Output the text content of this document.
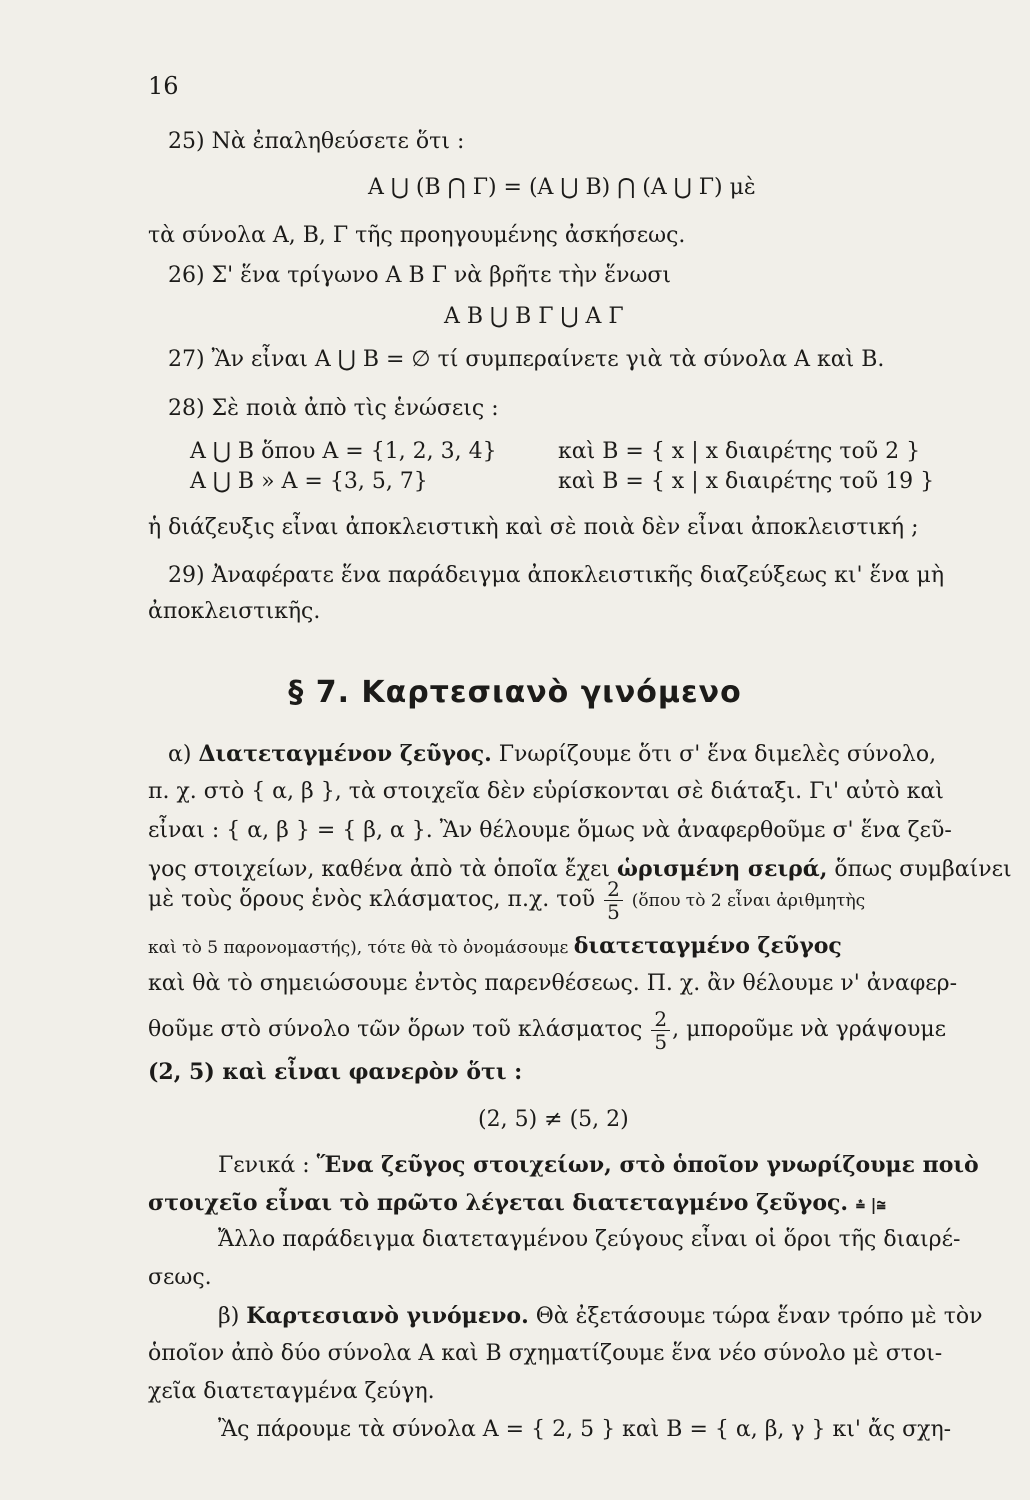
16
25) Νὰ ἐπαληθεύσετε ὅτι :
A ⋃ (B ⋂ Γ) = (A ⋃ B) ⋂ (A ⋃ Γ) μὲ
τὰ σύνολα A, B, Γ τῆς προηγουμένης ἀσκήσεως.
26) Σ' ἕνα τρίγωνο Α Β Γ νὰ βρῆτε τὴν ἕνωσι
Α Β ⋃ Β Γ ⋃ Α Γ
27) Ἂν εἶναι A ⋃ B = ∅ τί συμπεραίνετε γιὰ τὰ σύνολα A καὶ B.
28) Σὲ ποιὰ ἀπὸ τὶς ἑνώσεις :
A ⋃ B ὅπου A = {1, 2, 3, 4}	καὶ B = { x | x διαιρέτης τοῦ 2 }
A ⋃ B » A = {3, 5, 7}	καὶ B = { x | x διαιρέτης τοῦ 19 }
ἡ διάζευξις εἶναι ἀποκλειστικὴ καὶ σὲ ποιὰ δὲν εἶναι ἀποκλειστική ;
29) Ἀναφέρατε ἕνα παράδειγμα ἀποκλειστικῆς διαζεύξεως κι' ἕνα μὴ
ἀποκλειστικῆς.
§ 7. Καρτεσιανὸ γινόμενο
α) Διατεταγμένον ζεῦγος. Γνωρίζουμε ὅτι σ' ἕνα διμελὲς σύνολο,
π. χ. στὸ { α, β }, τὰ στοιχεῖα δὲν εὑρίσκονται σὲ διάταξι. Γι' αὐτὸ καὶ
εἶναι : { α, β } = { β, α }. Ἂν θέλουμε ὅμως νὰ ἀναφερθοῦμε σ' ἕνα ζεῦ-
γος στοιχείων, καθένα ἀπὸ τὰ ὁποῖα ἔχει ὡρισμένη σειρά, ὅπως συμβαίνει
μὲ τοὺς ὅρους ἑνὸς κλάσματος, π.χ. τοῦ $\frac{2}{5}$ (ὅπου τὸ 2 εἶναι ἀριθμητὴς
καὶ τὸ 5 παρονομαστής), τότε θὰ τὸ ὀνομάσουμε διατεταγμένο ζεῦγος
καὶ θὰ τὸ σημειώσουμε ἐντὸς παρενθέσεως. Π. χ. ἂν θέλουμε ν' ἀναφερ-
θοῦμε στὸ σύνολο τῶν ὅρων τοῦ κλάσματος $\frac{2}{5}$ , μποροῦμε νὰ γράψουμε
(2, 5) καὶ εἶναι φανερὸν ὅτι :
(2, 5) ≠ (5, 2)
Γενικά : Ἕνα ζεῦγος στοιχείων, στὸ ὁποῖον γνωρίζουμε ποιὸ
στοιχεῖο εἶναι τὸ πρῶτο λέγεται διατεταγμένο ζεῦγος. ⩮ |≅
Ἄλλο παράδειγμα διατεταγμένου ζεύγους εἶναι οἱ ὅροι τῆς διαιρέ-
σεως.
β) Καρτεσιανὸ γινόμενο. Θὰ ἐξετάσουμε τώρα ἕναν τρόπο μὲ τὸν
ὁποῖον ἀπὸ δύο σύνολα A καὶ B σχηματίζουμε ἕνα νέο σύνολο μὲ στοι-
χεῖα διατεταγμένα ζεύγη.
Ἂς πάρουμε τὰ σύνολα A = { 2, 5 } καὶ B = { α, β, γ } κι' ἄς σχη-
